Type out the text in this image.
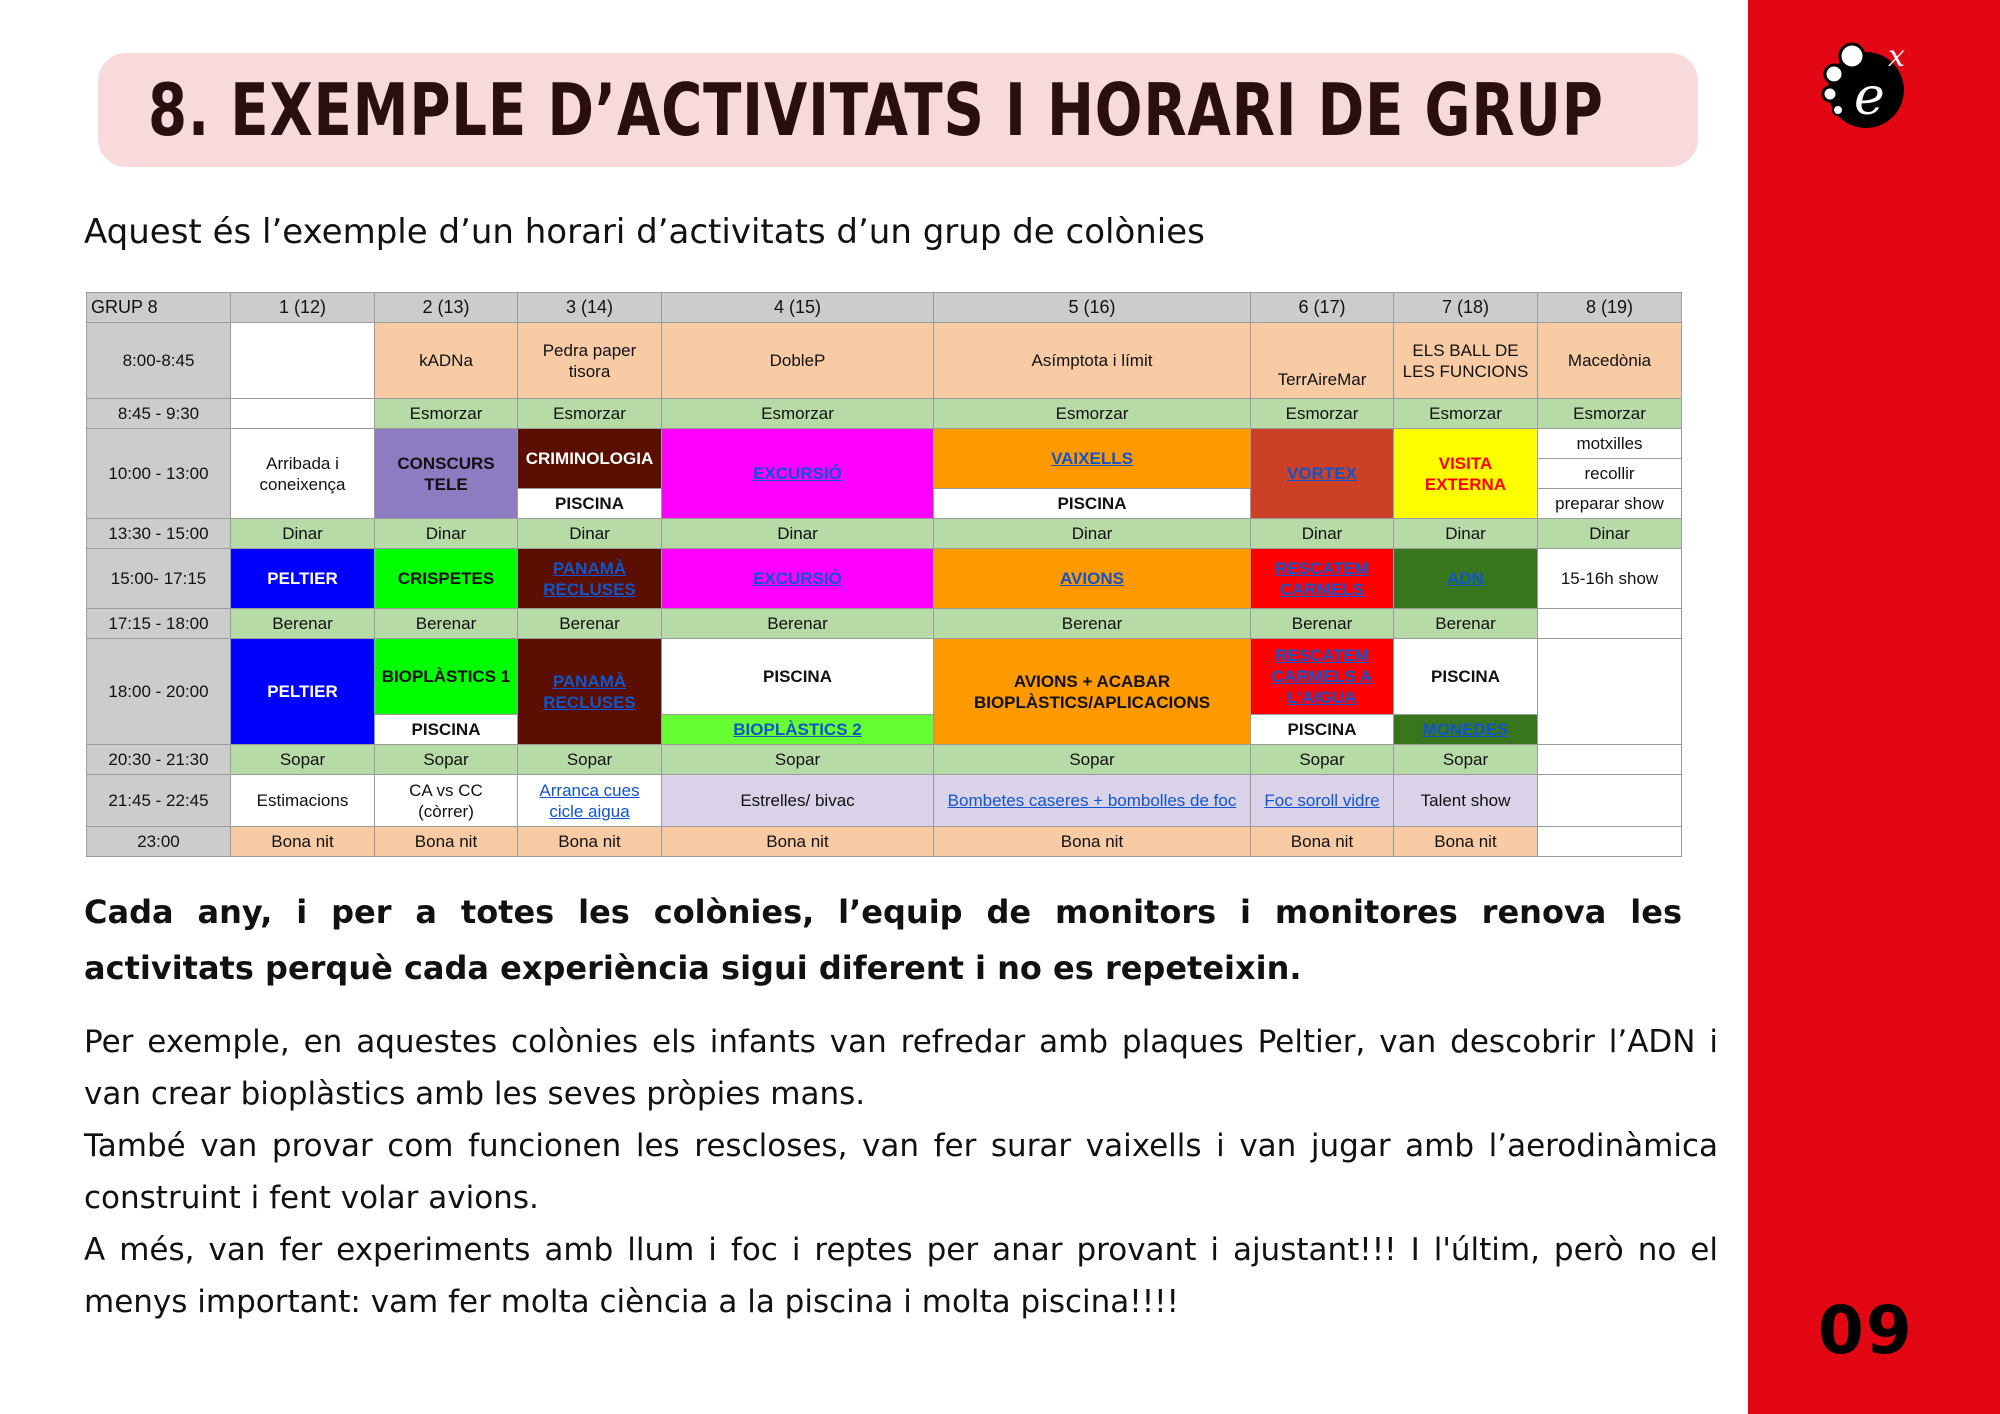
e
x
09
8. EXEMPLE D’ACTIVITATS I HORARI DE GRUP
Aquest és l’exemple d’un horari d’activitats d’un grup de colònies
GRUP 8	1 (12)	2 (13)	3 (14)	4 (15)	5 (16)	6 (17)	7 (18)	8 (19)
8:00-8:45		kADNa	Pedra paper tisora	DobleP	Asímptota i límit	TerrAireMar	ELS BALL DE LES FUNCIONS	Macedònia
8:45 - 9:30		Esmorzar	Esmorzar	Esmorzar	Esmorzar	Esmorzar	Esmorzar	Esmorzar
10:00 - 13:00	Arribada i coneixença	CONSCURS TELE	CRIMINOLOGIA	EXCURSIÓ	VAIXELLS	VORTEX	VISITA EXTERNA	motxilles
								recollir
			PISCINA		PISCINA			preparar show
13:30 - 15:00	Dinar	Dinar	Dinar	Dinar	Dinar	Dinar	Dinar	Dinar
15:00- 17:15	PELTIER	CRISPETES	PANAMÀ RECLUSES	EXCURSIÓ	AVIONS	RESCATEM CARMELS	ADN	15-16h show
17:15 - 18:00	Berenar	Berenar	Berenar	Berenar	Berenar	Berenar	Berenar	
18:00 - 20:00	PELTIER	BIOPLÀSTICS 1	PANAMÀ RECLUSES	PISCINA	AVIONS + ACABAR BIOPLÀSTICS/APLICACIONS	RESCATEM CARMELS A L’AIGUA	PISCINA	
		PISCINA		BIOPLÀSTICS 2		PISCINA	MONEDES	
20:30 - 21:30	Sopar	Sopar	Sopar	Sopar	Sopar	Sopar	Sopar	
21:45 - 22:45	Estimacions	CA vs CC (còrrer)	Arranca cues cicle aigua	Estrelles/ bivac	Bombetes caseres + bombolles de foc	Foc soroll vidre	Talent show	
23:00	Bona nit	Bona nit	Bona nit	Bona nit	Bona nit	Bona nit	Bona nit	
Cada any, i per a totes les colònies, l’equip de monitors i monitores renova les activitats perquè cada experiència sigui diferent i no es repeteixin.

Per exemple, en aquestes colònies els infants van refredar amb plaques Peltier, van descobrir l’ADN i van crear bioplàstics amb les seves pròpies mans.

També van provar com funcionen les rescloses, van fer surar vaixells i van jugar amb l’aerodinàmica construint i fent volar avions.

A més, van fer experiments amb llum i foc i reptes per anar provant i ajustant!!! I l'últim, però no el menys important: vam fer molta ciència a la piscina i molta piscina!!!!
